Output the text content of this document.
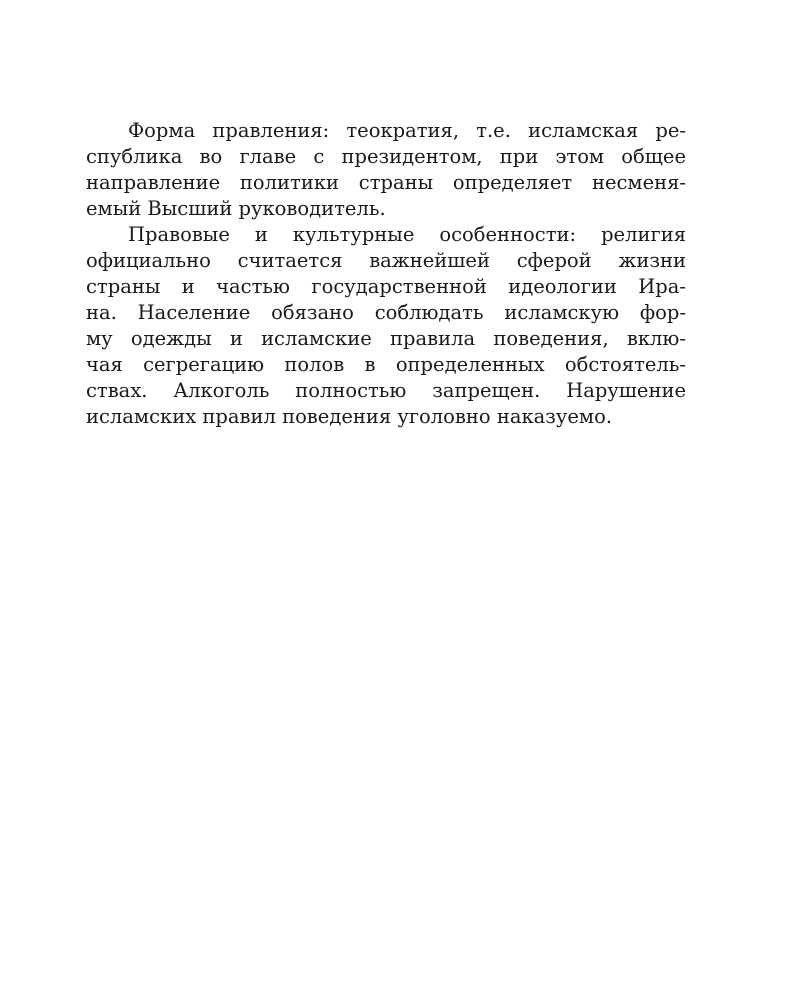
Форма правления: теократия, т.е. исламская ре-
спублика во главе с президентом, при этом общее
направление политики страны определяет несменя-
емый Высший руководитель.
Правовые и культурные особенности: религия
официально считается важнейшей сферой жизни
страны и частью государственной идеологии Ира-
на. Население обязано соблюдать исламскую фор-
му одежды и исламские правила поведения, вклю-
чая сегрегацию полов в определенных обстоятель-
ствах. Алкоголь полностью запрещен. Нарушение
исламских правил поведения уголовно наказуемо.
